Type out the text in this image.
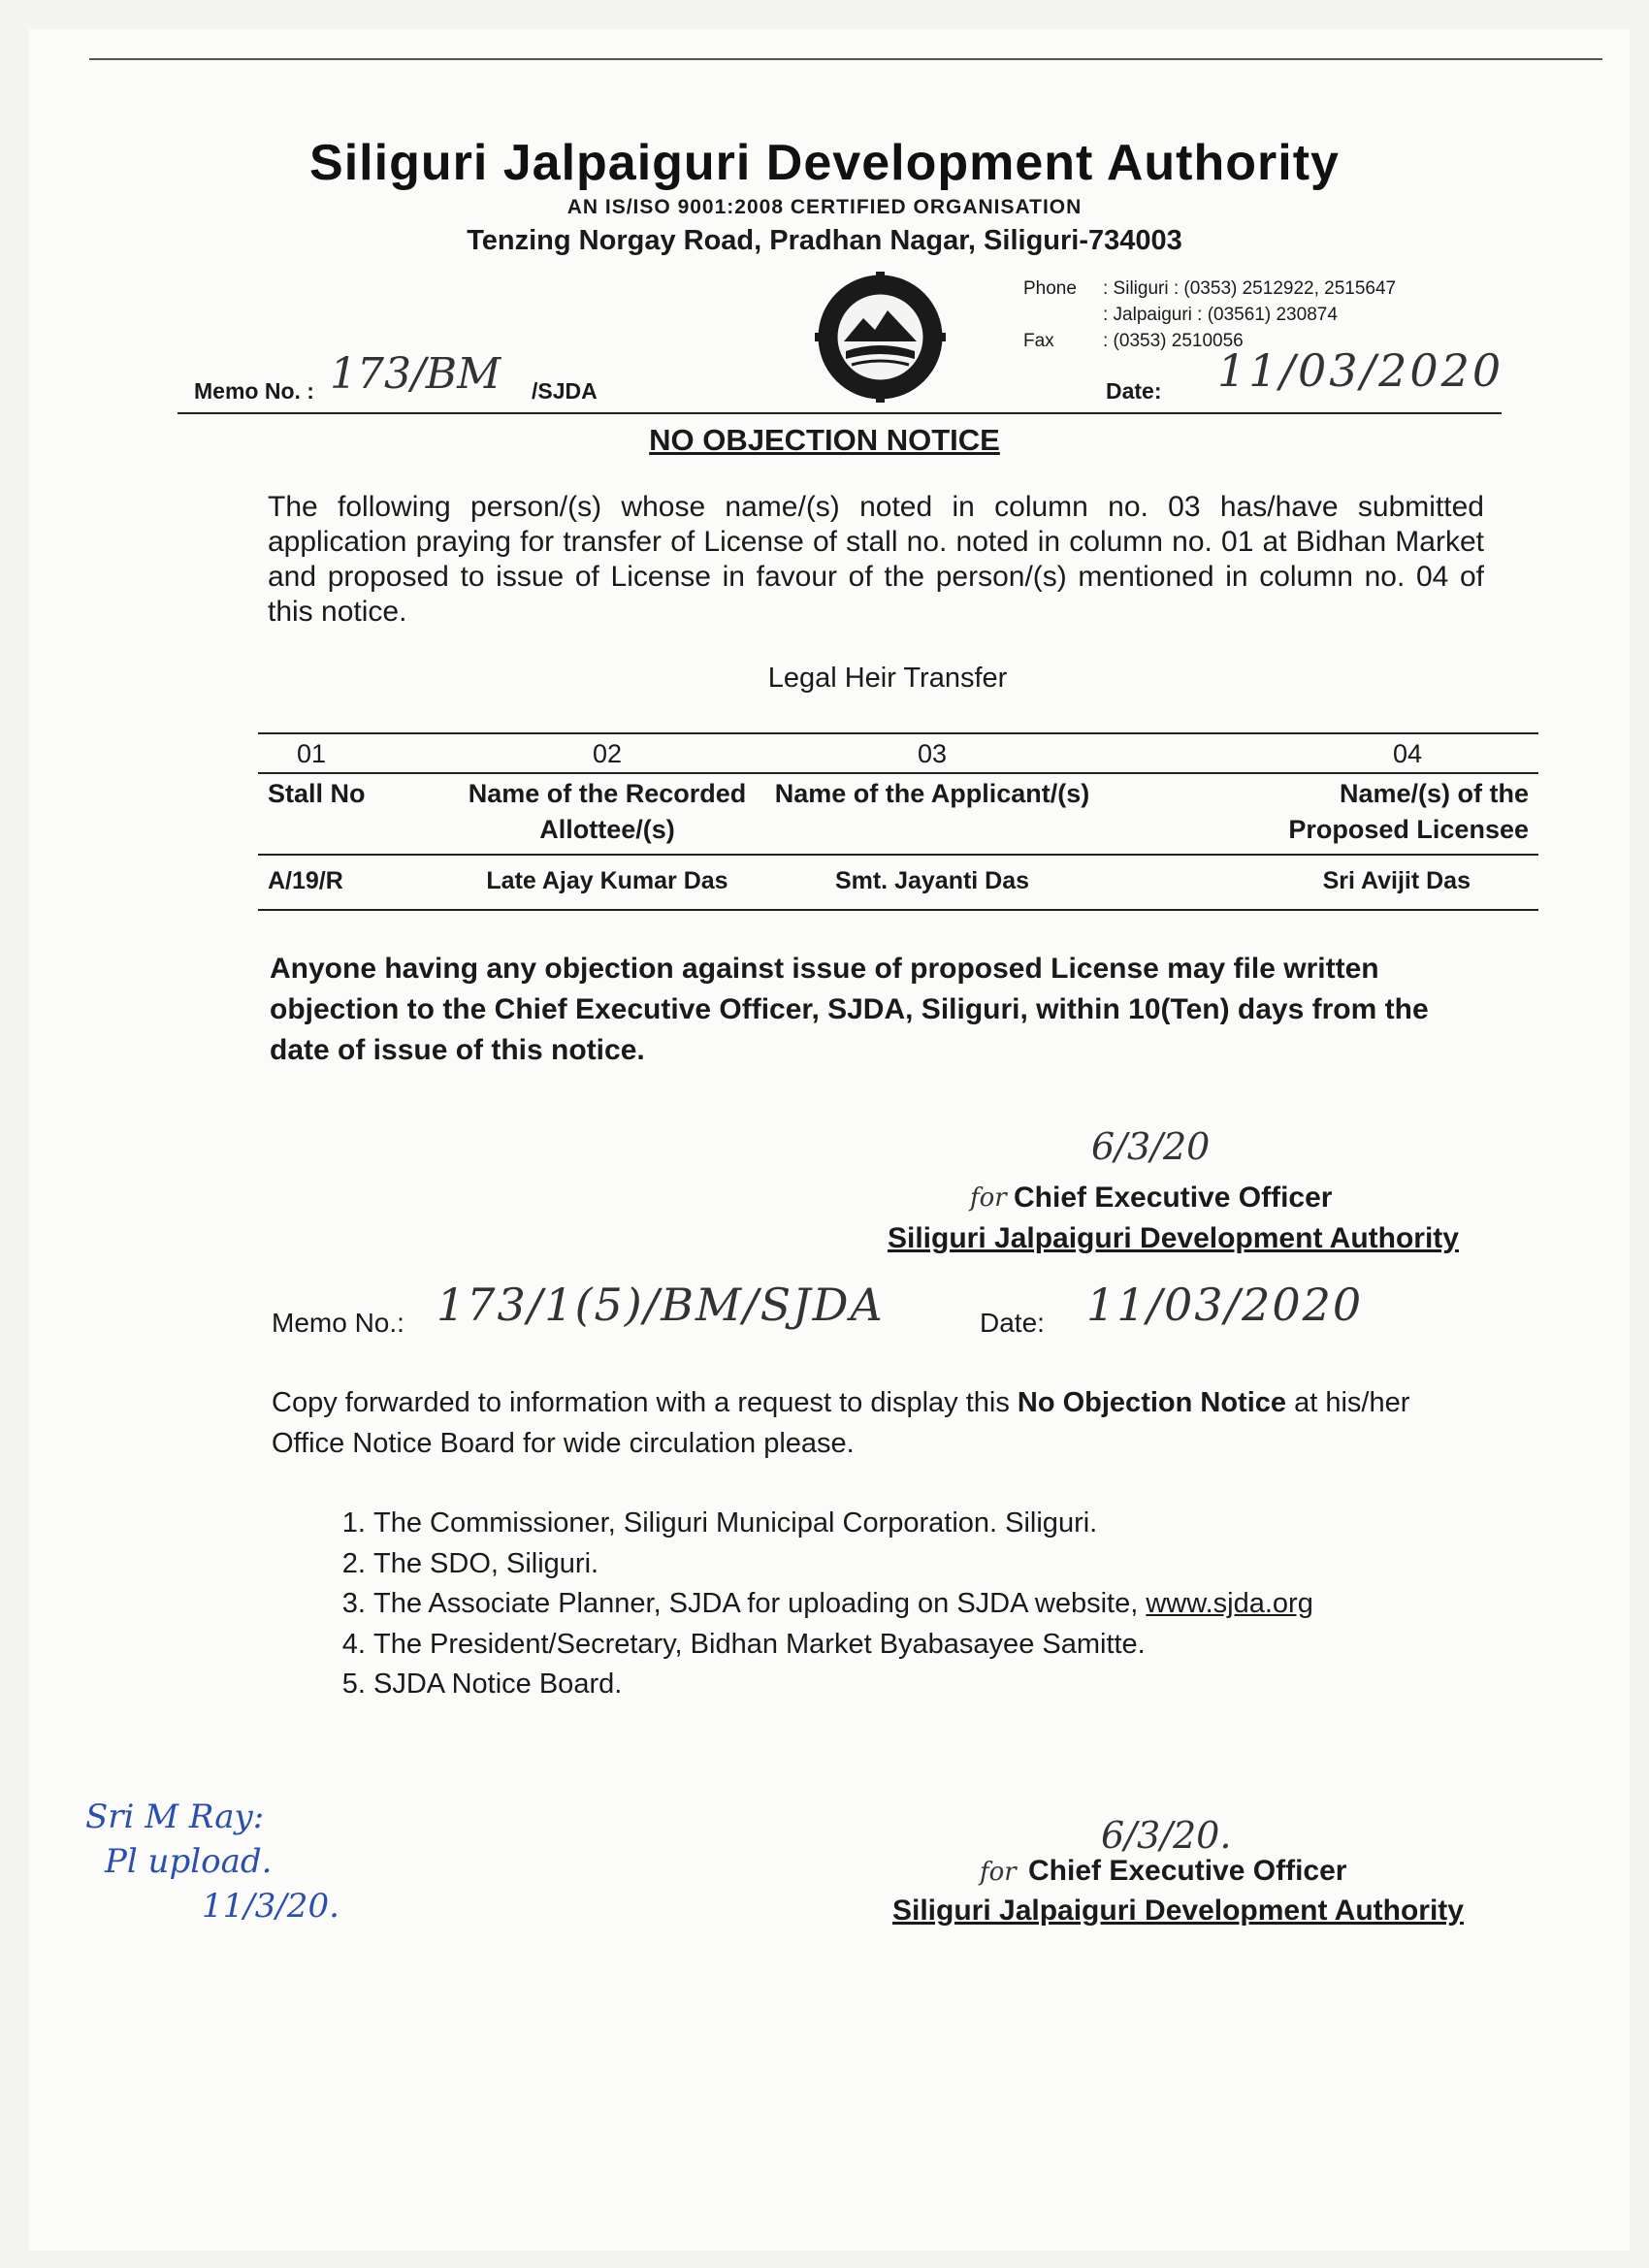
Siliguri Jalpaiguri Development Authority
AN IS/ISO 9001:2008 CERTIFIED ORGANISATION
Tenzing Norgay Road, Pradhan Nagar, Siliguri-734003
Phone : Siliguri : (0353) 2512922, 2515647
: Jalpaiguri : (03561) 230874
Fax	: (0353) 2510056
Memo No. : 173/BM /SJDA	Date: 11/03/2020
NO OBJECTION NOTICE
The following person/(s) whose name/(s) noted in column no. 03 has/have submitted application praying for transfer of License of stall no. noted in column no. 01 at Bidhan Market and proposed to issue of License in favour of the person/(s) mentioned in column no. 04 of this notice.
Legal Heir Transfer
01	02	03	04
Stall No	Name of the Recorded Allottee/(s)	Name of the Applicant/(s)	Name/(s) of the Proposed Licensee
A/19/R	Late Ajay Kumar Das	Smt. Jayanti Das	Sri Avijit Das
Anyone having any objection against issue of proposed License may file written objection to the Chief Executive Officer, SJDA, Siliguri, within 10(Ten) days from the date of issue of this notice.
6/3/20
for Chief Executive Officer
Siliguri Jalpaiguri Development Authority
Memo No.: 173/1(5)/BM/SJDA	Date: 11/03/2020
Copy forwarded to information with a request to display this No Objection Notice at his/her Office Notice Board for wide circulation please.
1. The Commissioner, Siliguri Municipal Corporation. Siliguri.
2. The SDO, Siliguri.
3. The Associate Planner, SJDA for uploading on SJDA website, www.sjda.org
4. The President/Secretary, Bidhan Market Byabasayee Samitte.
5. SJDA Notice Board.
6/3/20.
for Chief Executive Officer
Siliguri Jalpaiguri Development Authority
Sri M Ray:
Pl upload.
11/3/20.
